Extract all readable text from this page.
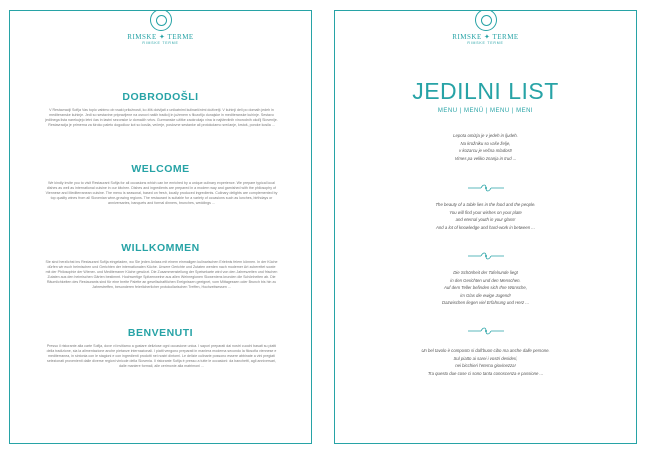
RIMSKE ✦ TERME
RIMSKE TERME
DOBRODOŠLI
V Restavraciji Sofija Vas toplo vabimo ob vsaki priložnosti, ko žliš doivljati z unikatnimi kulinaričnimi doživetji. V kuhinji deli po domaih jedeh in mediteranske kuhinje. Jedi so sestavine pripravljene na osnovi naših tradicij in juženem s filozofijo dunajske in mediteranske kuhinje. Sestavo jedilnega lista narekujejo letni čas in lastni sezonske iz domačih vrtov. Gurmanske užitke zaokrožajo vina iz najštevilnih vinorodnih okoľij Slovenije. Restavracija je primerna za široko paleto dogodkov kot so kosila, večerje, poslovne sestanke ali protokolarno srečanje, krstoš, poroke kosila ...
WELCOME
We kindly invite you to visit Restaurant Sofija for all occasions which can be enriched by a unique culinary experience. We prepare typical local dishes as well as international cuisine in our kitchen. Dishes and ingredients are prepared in a modern way and garnished with the philosophy of Viennese and Mediterranean cuisine. The menu is seasonal, based on fresh, locally produced ingredients. Culinary delights are complemented by top quality wines from all Slovenian wine-growing regions. The restaurant is suitable for a variety of occasions such as lunches, birthdays or anniversaries, banquets and formal dinners, brunches, weddings ...
WILLKOMMEN
Sie sind herzlichst ins Restaurant Sofija eingeladen, wo Sie jeden Anlass mit einem einmaligen kulinarischen Erlebnis feiern können. In der Küche dürfen wir euch heimischen und Gerichten der internationalen Küche. Unsere Gerichte und Zutaten werden nach moderner Art zubereitet sowie mit der Philosophie der Wiener- und Mediterraner Küche gewürzt. Die Zusammenstellung der Speisekarte wird von den Jahreszeiten und frischen Zutaten aus den heimischen Gärten bestimmt. Hochwertige Spitzenweine aus allen Weinregionen Sloweniens krunden die Schönheiten ab. Die Räumlichkeiten des Restaurants sind für eine breite Palette an gesellschaftlichen Ereignissen geeignet, vom Mittagessen oder Brunch bis hin zu Jahrestreffen, besonderen feierlicherlicher protokollarischen Treffen, Hochzeitsessen ...
BENVENUTI
Presso il ristorante alla carte Sofija, dove vi invitiamo a gustare deliziose ogni occasione unica. I sapori preparati dai nostri cuochi basati su piatti della tradizione, sia la alimentazione anche pietanze internazionali. I piatti vengono preparati in maniera moderna secondo la filosofia viennese e mediterranea, in sintonia con le stagioni e con ingredienti prodotti nei nostri dintorni. Le delizie culinarie possono essere abbinate a vini pregiati selezionati provenienti dalle diverse regioni vinicole della Slovenia. Il ristorante Sofija è presso a tutte le occasioni: da banchetti, agli anniversari, dalle maniere formali, alle cerimonie alla matrimoni ...
RIMSKE ✦ TERME
RIMSKE TERME
JEDILNI LIST
MENU | MENÜ | MENU | MENI
Lepota omizja je v jedeh in ljudeh.
Na krožniku so vaše želje,
v kozarcu je večna mladost!
Vimes pa veliko znanja in trud ...
The beauty of a table lies in the food and the people.
You will find your wishes on your plate
and eternal youth in your glass!
And a lot of knowledge and hard-work in between ...
Die Schönheit der Tafelrunde liegt
in den Gerichten und den Menschen.
Auf dem Teller befinden sich Ihre Wünsche,
im Glas die ewige Jugend!
Dazwischen liegen viel Erfahrung und Herz ...
Un bel tavolo è composto si dall'buon cibo ma anche dalle persone.
Sul piatto ai sarei i vostri desideri,
nei bicchieri l'eterna giovinezza!
Tra questo due cose ci sono tanta conoscenza e passione ...
